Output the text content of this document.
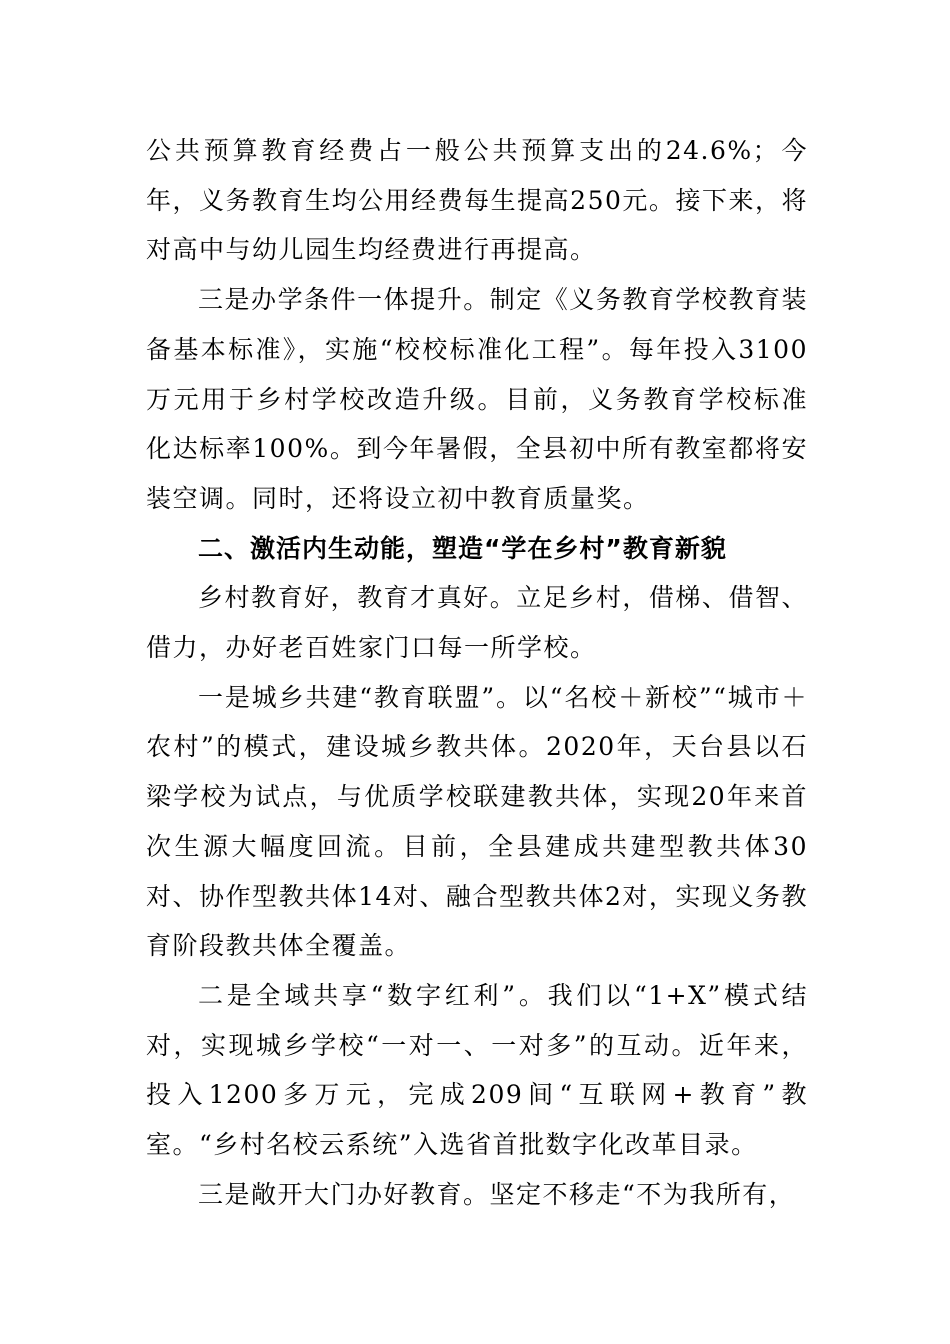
公共预算教育经费占一般公共预算支出的24.6%；今年，义务教育生均公用经费每生提高250元。接下来，将对高中与幼儿园生均经费进行再提高。

三是办学条件一体提升。制定《义务教育学校教育装备基本标准》，实施“校校标准化工程”。每年投入3100万元用于乡村学校改造升级。目前，义务教育学校标准化达标率100%。到今年暑假，全县初中所有教室都将安装空调。同时，还将设立初中教育质量奖。

二、激活内生动能，塑造“学在乡村”教育新貌

乡村教育好，教育才真好。立足乡村，借梯、借智、借力，办好老百姓家门口每一所学校。

一是城乡共建“教育联盟”。以“名校＋新校”“城市＋农村”的模式，建设城乡教共体。2020年，天台县以石梁学校为试点，与优质学校联建教共体，实现20年来首次生源大幅度回流。目前，全县建成共建型教共体30对、协作型教共体14对、融合型教共体2对，实现义务教育阶段教共体全覆盖。

二是全域共享“数字红利”。我们以“1+X”模式结对，实现城乡学校“一对一、一对多”的互动。近年来，投入1200多万元，完成209间“互联网+教育”教室。“乡村名校云系统”入选省首批数字化改革目录。

三是敞开大门办好教育。坚定不移走“不为我所有，
